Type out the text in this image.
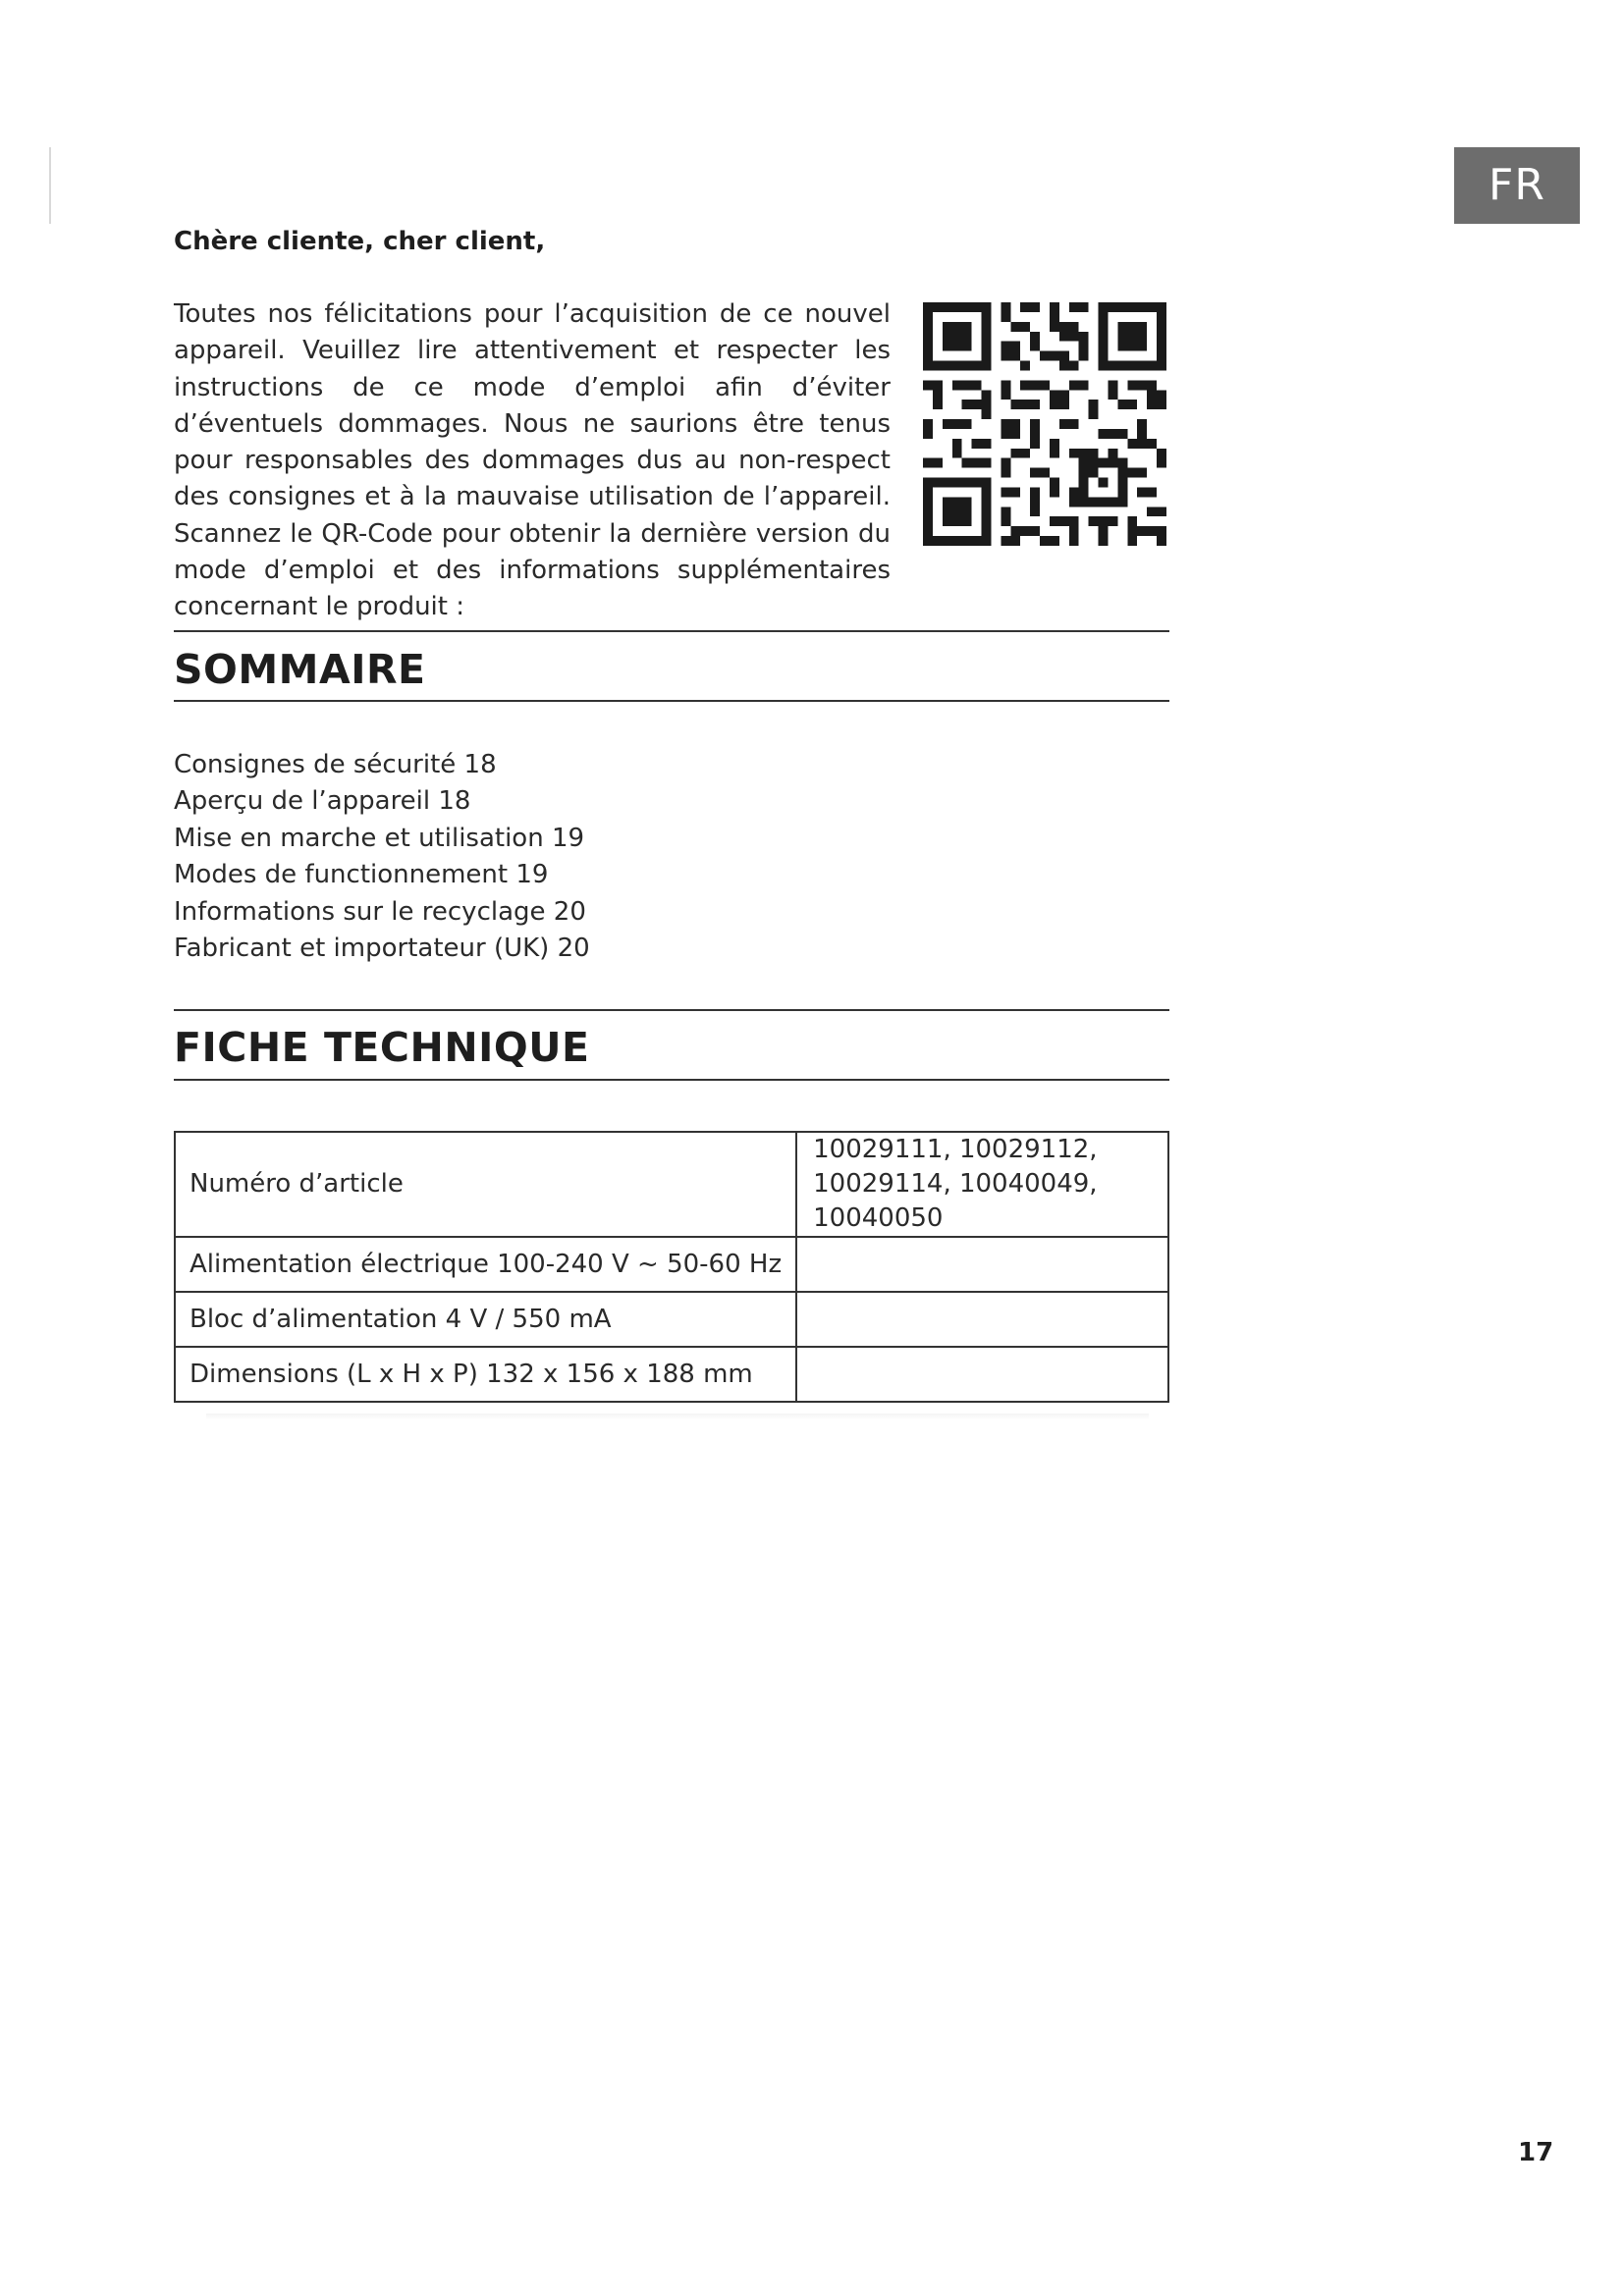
FR
Chère cliente, cher client,
Toutes nos félicitations pour l’acquisition de ce nouvel appareil. Veuillez lire attentivement et respecter les instructions de ce mode d’emploi afin d’éviter d’éventuels dommages. Nous ne saurions être tenus pour responsables des dommages dus au non-respect des consignes et à la mauvaise utilisation de l’appareil. Scannez le QR-Code pour obtenir la dernière version du mode d’emploi et des informations supplémentaires concernant le produit :
SOMMAIRE
Consignes de sécurité 18
Aperçu de l’appareil 18
Mise en marche et utilisation 19
Modes de functionnement 19
Informations sur le recyclage 20
Fabricant et importateur (UK) 20
FICHE TECHNIQUE
Numéro d’article	10029111, 10029112, 10029114, 10040049, 10040050
Alimentation électrique 100-240 V ~ 50-60 Hz	
Bloc d’alimentation 4 V / 550 mA	
Dimensions (L x H x P) 132 x 156 x 188 mm	
17
